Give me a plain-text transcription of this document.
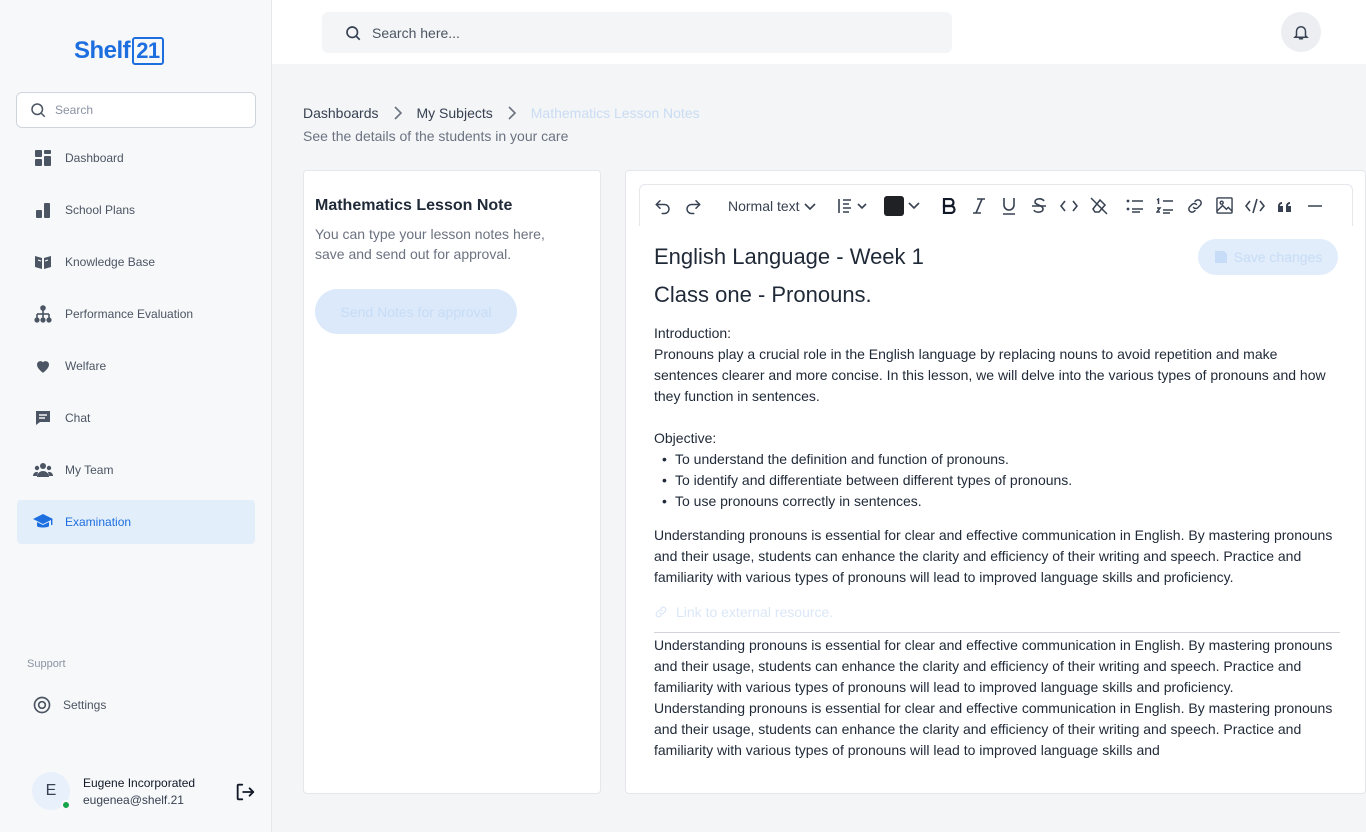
Shelf 21
Search
Dashboard
School Plans
Knowledge Base
Performance Evaluation
Welfare
Chat
My Team
Examination
Support
Settings
E Eugene Incorporated
eugenea@shelf.21
Search here...
Dashboards	My Subjects	Mathematics Lesson Notes
See the details of the students in your care
Mathematics Lesson Note
You can type your lesson notes here, save and send out for approval.
Send Notes for approval
Normal text
Save changes
English Language - Week 1
Class one - Pronouns.
Introduction:
Pronouns play a crucial role in the English language by replacing nouns to avoid repetition and make sentences clearer and more concise. In this lesson, we will delve into the various types of pronouns and how they function in sentences.
Objective:
• To understand the definition and function of pronouns.
• To identify and differentiate between different types of pronouns.
• To use pronouns correctly in sentences.
Understanding pronouns is essential for clear and effective communication in English. By mastering pronouns and their usage, students can enhance the clarity and efficiency of their writing and speech. Practice and familiarity with various types of pronouns will lead to improved language skills and proficiency.
Link to external resource.
Understanding pronouns is essential for clear and effective communication in English. By mastering pronouns and their usage, students can enhance the clarity and efficiency of their writing and speech. Practice and familiarity with various types of pronouns will lead to improved language skills and proficiency.
Understanding pronouns is essential for clear and effective communication in English. By mastering pronouns and their usage, students can enhance the clarity and efficiency of their writing and speech. Practice and familiarity with various types of pronouns will lead to improved language skills and
